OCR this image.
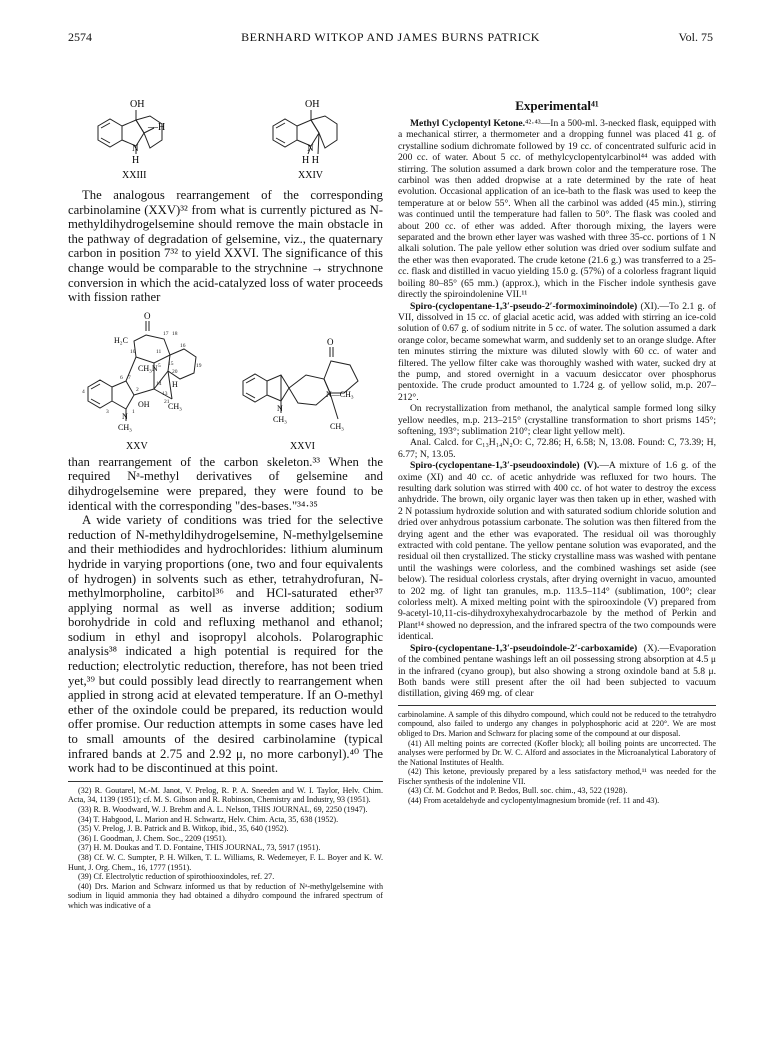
2574	BERNHARD WITKOP AND JAMES BURNS PATRICK	Vol. 75
OH
—H
N
H
XXIII
OH
N
H H
XXIV

The analogous rearrangement of the corresponding carbinolamine (XXV)³² from what is currently pictured as N-methyldihydrogelsemine should remove the main obstacle in the pathway of degradation of gelsemine, viz., the quaternary carbon in position 7³² to yield XXVI. The significance of this change would be comparable to the strychnine → strychnone conversion in which the acid-catalyzed loss of water proceeds with fission rather

O
H₂C
CH₃N
OH
N
CH₃
CH₃
H
XXV
O
N—CH₃
N
CH₃
CH₃
XXVI
10
17 18
11
16
15	19
5
20
6 7
14
4	13
2
21
3	1

than rearrangement of the carbon skeleton.³³ When the required Nᵃ-methyl derivatives of gelsemine and dihydrogelsemine were prepared, they were found to be identical with the corresponding "des-bases."³⁴·³⁵

A wide variety of conditions was tried for the selective reduction of N-methyldihydrogelsemine, N-methylgelsemine and their methiodides and hydrochlorides: lithium aluminum hydride in varying proportions (one, two and four equivalents of hydrogen) in solvents such as ether, tetrahydrofuran, N-methylmorpholine, carbitol³⁶ and HCl-saturated ether³⁷ applying normal as well as inverse addition; sodium borohydride in cold and refluxing methanol and ethanol; sodium in ethyl and isopropyl alcohols. Polarographic analysis³⁸ indicated a high potential is required for the reduction; electrolytic reduction, therefore, has not been tried yet,³⁹ but could possibly lead directly to rearrangement when applied in strong acid at elevated temperature. If an O-methyl ether of the oxindole could be prepared, its reduction would offer promise. Our reduction attempts in some cases have led to small amounts of the desired carbinolamine (typical infrared bands at 2.75 and 2.92 μ, no more carbonyl).⁴⁰ The work had to be discontinued at this point.

(32) R. Goutarel, M.-M. Janot, V. Prelog, R. P. A. Sneeden and W. I. Taylor, Helv. Chim. Acta, 34, 1139 (1951); cf. M. S. Gibson and R. Robinson, Chemistry and Industry, 93 (1951).

(33) R. B. Woodward, W. J. Brehm and A. L. Nelson, THIS JOURNAL, 69, 2250 (1947).

(34) T. Habgood, L. Marion and H. Schwartz, Helv. Chim. Acta, 35, 638 (1952).

(35) V. Prelog, J. B. Patrick and B. Witkop, ibid., 35, 640 (1952).

(36) I. Goodman, J. Chem. Soc., 2209 (1951).

(37) H. M. Doukas and T. D. Fontaine, THIS JOURNAL, 73, 5917 (1951).

(38) Cf. W. C. Sumpter, P. H. Wilken, T. L. Williams, R. Wedemeyer, F. L. Boyer and K. W. Hunt, J. Org. Chem., 16, 1777 (1951).

(39) Cf. Electrolytic reduction of spirothiooxindoles, ref. 27.

(40) Drs. Marion and Schwarz informed us that by reduction of Nᵃ-methylgelsemine with sodium in liquid ammonia they had obtained a dihydro compound the infrared spectrum of which was indicative of a

Experimental⁴¹

Methyl Cyclopentyl Ketone.⁴²·⁴³—In a 500-ml. 3-necked flask, equipped with a mechanical stirrer, a thermometer and a dropping funnel was placed 41 g. of crystalline sodium dichromate followed by 19 cc. of concentrated sulfuric acid in 200 cc. of water. About 5 cc. of methylcyclopentylcarbinol⁴⁴ was added with stirring. The solution assumed a dark brown color and the temperature rose. The carbinol was then added dropwise at a rate determined by the rate of heat evolution. Occasional application of an ice-bath to the flask was used to keep the temperature at or below 55°. When all the carbinol was added (45 min.), stirring was continued until the temperature had fallen to 50°. The flask was cooled and about 200 cc. of ether was added. After thorough mixing, the layers were separated and the brown ether layer was washed with three 35-cc. portions of 1 N alkali solution. The pale yellow ether solution was dried over sodium sulfate and the ether was then evaporated. The crude ketone (21.6 g.) was transferred to a 25-cc. flask and distilled in vacuo yielding 15.0 g. (57%) of a colorless fragrant liquid boiling 80–85° (65 mm.) (approx.), which in the Fischer indole synthesis gave directly the spiroindolenine VII.¹¹

Spiro-(cyclopentane-1,3′-pseudo-2′-formoximinoindole) (XI).—To 2.1 g. of VII, dissolved in 15 cc. of glacial acetic acid, was added with stirring an ice-cold solution of 0.67 g. of sodium nitrite in 5 cc. of water. The solution assumed a dark orange color, became somewhat warm, and suddenly set to an orange sludge. After ten minutes stirring the mixture was diluted slowly with 60 cc. of water and filtered. The yellow filter cake was thoroughly washed with water, sucked dry at the pump, and stored overnight in a vacuum desiccator over phosphorus pentoxide. The crude product amounted to 1.724 g. of yellow solid, m.p. 207–212°.

On recrystallization from methanol, the analytical sample formed long silky yellow needles, m.p. 213–215° (crystalline transformation to short prisms 145°; softening, 193°; sublimation 210°; clear light yellow melt).

Anal. Calcd. for C₁₃H₁₄N₂O: C, 72.86; H, 6.58; N, 13.08. Found: C, 73.39; H, 6.77; N, 13.05.

Spiro-(cyclopentane-1,3′-pseudooxindole) (V).—A mixture of 1.6 g. of the oxime (XI) and 40 cc. of acetic anhydride was refluxed for two hours. The resulting dark solution was stirred with 400 cc. of hot water to destroy the excess anhydride. The brown, oily organic layer was then taken up in ether, washed with 2 N potassium hydroxide solution and with saturated sodium chloride solution and dried over anhydrous potassium carbonate. The solution was then filtered from the drying agent and the ether was evaporated. The residual oil was thoroughly extracted with cold pentane. The yellow pentane solution was evaporated, and the residual oil then crystallized. The sticky crystalline mass was washed with pentane until the washings were colorless, and the combined washings set aside (see below). The residual colorless crystals, after drying overnight in vacuo, amounted to 202 mg. of light tan granules, m.p. 113.5–114° (sublimation, 100°; clear colorless melt). A mixed melting point with the spirooxindole (V) prepared from 9-acetyl-10,11-cis-dihydroxyhexahydrocarbazole by the method of Perkin and Plant¹⁴ showed no depression, and the infrared spectra of the two compounds were identical.

Spiro-(cyclopentane-1,3′-pseudoindole-2′-carboxamide) (X).—Evaporation of the combined pentane washings left an oil possessing strong absorption at 4.5 μ in the infrared (cyano group), but also showing a strong oxindole band at 5.8 μ. Both bands were still present after the oil had been subjected to vacuum distillation, giving 469 mg. of clear

carbinolamine. A sample of this dihydro compound, which could not be reduced to the tetrahydro compound, also failed to undergo any changes in polyphosphoric acid at 220°. We are most obliged to Drs. Marion and Schwarz for placing some of the compound at our disposal.

(41) All melting points are corrected (Kofler block); all boiling points are uncorrected. The analyses were performed by Dr. W. C. Alford and associates in the Microanalytical Laboratory of the National Institutes of Health.

(42) This ketone, previously prepared by a less satisfactory method,¹¹ was needed for the Fischer synthesis of the indolenine VII.

(43) Cf. M. Godchot and P. Bedos, Bull. soc. chim., 43, 522 (1928).

(44) From acetaldehyde and cyclopentylmagnesium bromide (ref. 11 and 43).
